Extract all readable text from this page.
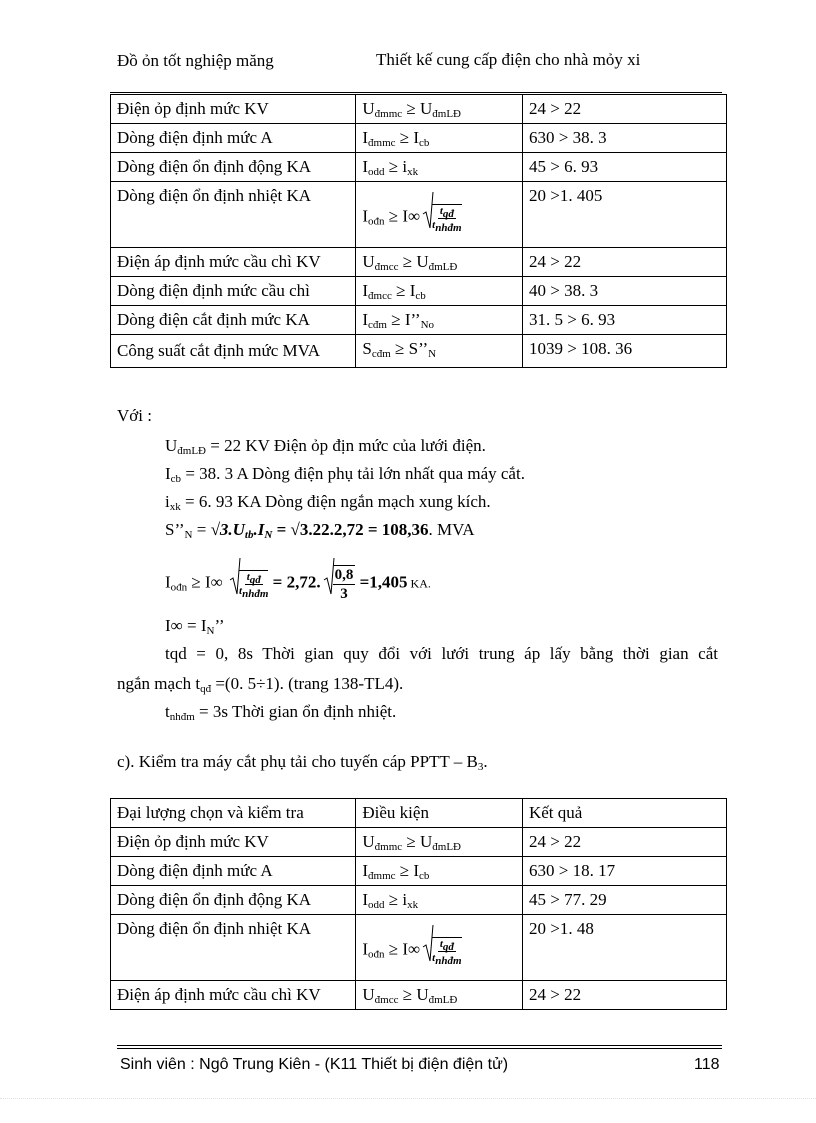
Đồ ỏn tốt nghiệp măng	Thiết kế cung cấp điện cho nhà mỏy xi
Điện ỏp định mức KV	$U_{đmmc} \ge U_{đmLĐ}$	24 > 22
Dòng điện định mức A	$I_{đmmc} \ge I_{cb}$	630 > 38. 3
Dòng điện ổn định động KA	$I_{odd} \ge i_{xk}$	45 > 6. 93
Dòng điện ổn định nhiệt KA	$I_{ođn} \ge I\infty \frac{t_{qđ}}{t_{nhđm}}$	20 >1. 405
Điện áp định mức cầu chì KV	$U_{đmcc} \ge U_{đmLĐ}$	24 > 22
Dòng điện định mức cầu chì	$I_{đmcc} \ge I_{cb}$	40 > 38. 3
Dòng điện cắt định mức KA	$I_{cđm}$ ≥ $I’’_{No}$	31. 5 > 6. 93
Công suất cắt định mức MVA	$S_{cđm}$ ≥ $S’’_N$	1039 > 108. 36
Với :
$U_{đmLĐ} = 22$ KV Điện ỏp địn mức của lưới điện.
$I_{cb} = 38$. 3 A Dòng điện phụ tải lớn nhất qua máy cắt.
$i_{xk} = 6$. 93 KA Dòng điện ngắn mạch xung kích.
$S’’_N = √3.U_{tb}.I_N = √3.22.2,72 = 108,36$. MVA
$I_{ođn} \ge I\infty \frac{t_{qđ}}{t_{nhđm}} = 2,72$. $\frac{0,8}{3} =1,405$ KA.
$I\infty = I_N$’’
tqd = 0, 8s Thời gian quy đổi với lưới trung áp lấy bằng thời gian cắt
ngắn mạch $t_{qđ} =(0$. 5÷1). (trang 138-TL4).
$t_{nhđm} = 3s$ Thời gian ổn định nhiệt.
c). Kiểm tra máy cắt phụ tải cho tuyến cáp PPTT – $B_3$.
Đại lượng chọn và kiểm tra	Điều kiện	Kết quả
Điện ỏp định mức KV	$U_{đmmc} \ge U_{đmLĐ}$	24 > 22
Dòng điện định mức A	$I_{đmmc} \ge I_{cb}$	630 > 18. 17
Dòng điện ổn định động KA	$I_{odd} \ge i_{xk}$	45 > 77. 29
Dòng điện ổn định nhiệt KA	$I_{ođn} \ge I\infty \frac{t_{qđ}}{t_{nhđm}}$	20 >1. 48
Điện áp định mức cầu chì KV	$U_{đmcc} \ge U_{đmLĐ}$	24 > 22
Sinh viên : Ngô Trung Kiên - (K11 Thiết bị điện điện tử)	118
